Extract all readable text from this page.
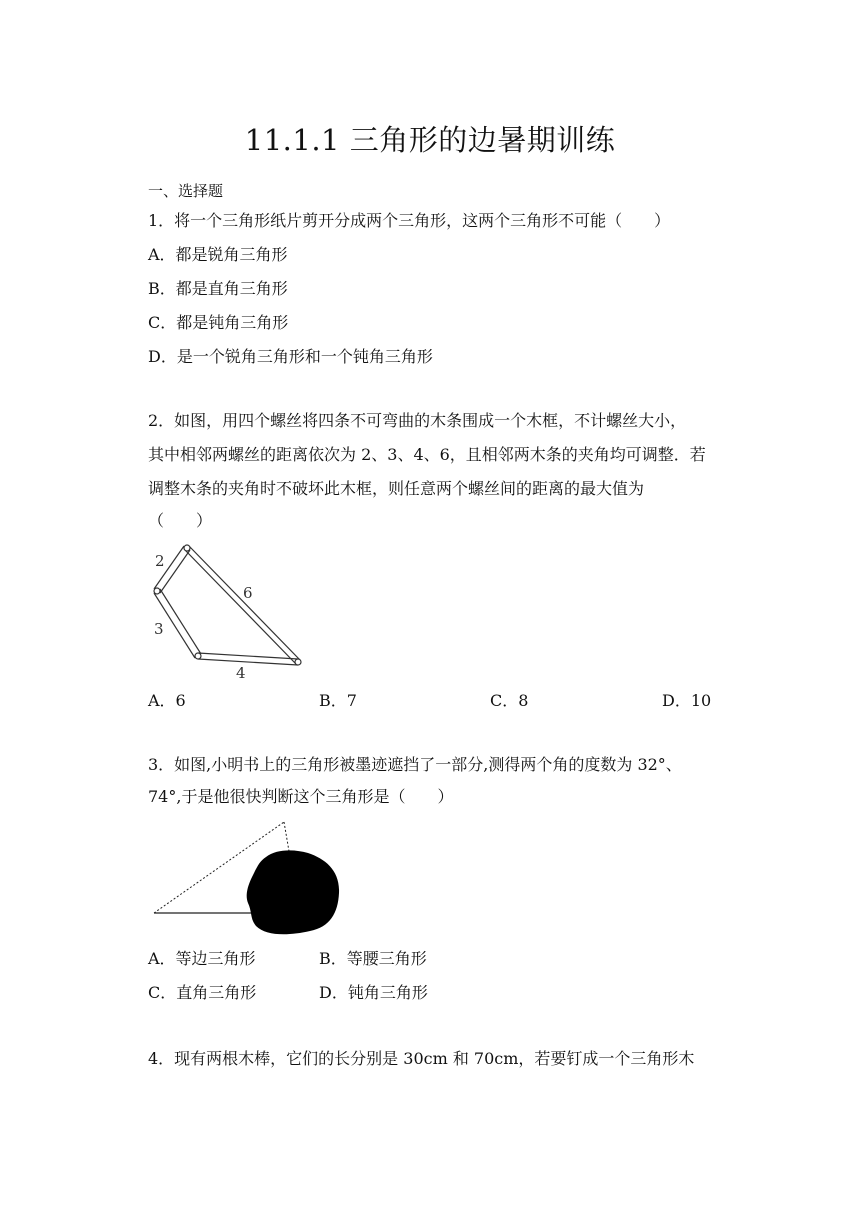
11.1.1 三角形的边暑期训练
一、选择题
1．将一个三角形纸片剪开分成两个三角形，这两个三角形不可能（　　）
A．都是锐角三角形
B．都是直角三角形
C．都是钝角三角形
D．是一个锐角三角形和一个钝角三角形
2．如图，用四个螺丝将四条不可弯曲的木条围成一个木框，不计螺丝大小，
其中相邻两螺丝的距离依次为 2、3、4、6，且相邻两木条的夹角均可调整．若
调整木条的夹角时不破坏此木框，则任意两个螺丝间的距离的最大值为
（　　）
2
3
4
6
A．6	B．7	C．8	D．10
3．如图,小明书上的三角形被墨迹遮挡了一部分,测得两个角的度数为 32°、
74°,于是他很快判断这个三角形是（　　）
A．等边三角形	B．等腰三角形
C．直角三角形	D．钝角三角形
4．现有两根木棒，它们的长分别是 30cm 和 70cm，若要钉成一个三角形木
